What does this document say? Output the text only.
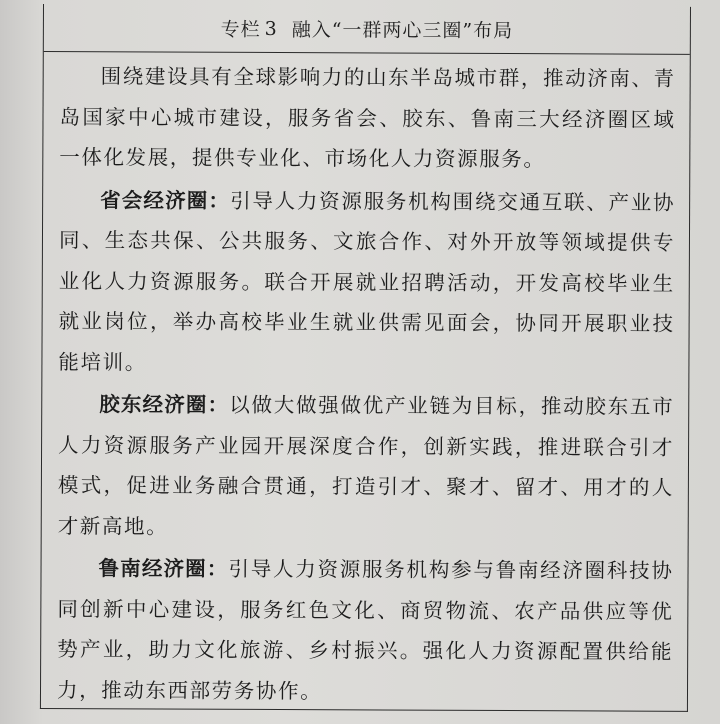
专栏 3 融入“一群两心三圈”布局

围绕建设具有全球影响力的山东半岛城市群，推动济南、青岛国家中心城市建设，服务省会、胶东、鲁南三大经济圈区域一体化发展，提供专业化、市场化人力资源服务。

省会经济圈：引导人力资源服务机构围绕交通互联、产业协同、生态共保、公共服务、文旅合作、对外开放等领域提供专业化人力资源服务。联合开展就业招聘活动，开发高校毕业生就业岗位，举办高校毕业生就业供需见面会，协同开展职业技能培训。

胶东经济圈：以做大做强做优产业链为目标，推动胶东五市人力资源服务产业园开展深度合作，创新实践，推进联合引才模式，促进业务融合贯通，打造引才、聚才、留才、用才的人才新高地。

鲁南经济圈：引导人力资源服务机构参与鲁南经济圈科技协同创新中心建设，服务红色文化、商贸物流、农产品供应等优势产业，助力文化旅游、乡村振兴。强化人力资源配置供给能力，推动东西部劳务协作。
